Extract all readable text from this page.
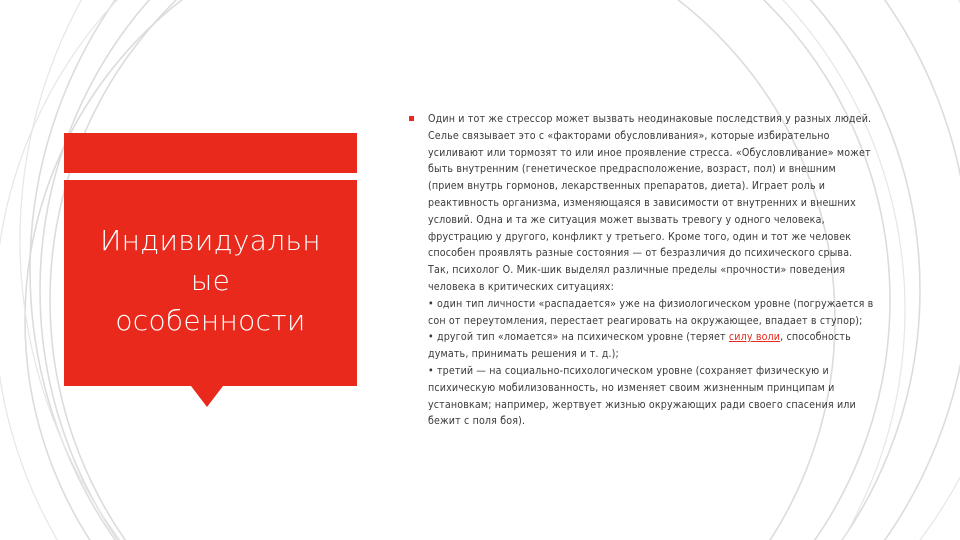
Индивидуальн
ые
особенности
Один и тот же стрессор может вызвать неодинаковые последствия у разных людей.
Селье связывает это с «факторами обусловливания», которые избирательно
усиливают или тормозят то или иное проявление стресса. «Обусловливание» может
быть внутренним (генетическое предрасположение, возраст, пол) и внешним
(прием внутрь гормонов, лекарственных препаратов, диета). Играет роль и
реактивность организма, изменяющаяся в зависимости от внутренних и внешних
условий. Одна и та же ситуация может вызвать тревогу у одного человека,
фрустрацию у другого, конфликт у третьего. Кроме того, один и тот же человек
способен проявлять разные состояния — от безразличия до психического срыва.
Так, психолог О. Мик-шик выделял различные пределы «прочности» поведения
человека в критических ситуациях:
• один тип личности «распадается» уже на физиологическом уровне (погружается в
сон от переутомления, перестает реагировать на окружающее, впадает в ступор);
• другой тип «ломается» на психическом уровне (теряет силу воли, способность
думать, принимать решения и т. д.);
• третий — на социально-психологическом уровне (сохраняет физическую и
психическую мобилизованность, но изменяет своим жизненным принципам и
установкам; например, жертвует жизнью окружающих ради своего спасения или
бежит с поля боя).
